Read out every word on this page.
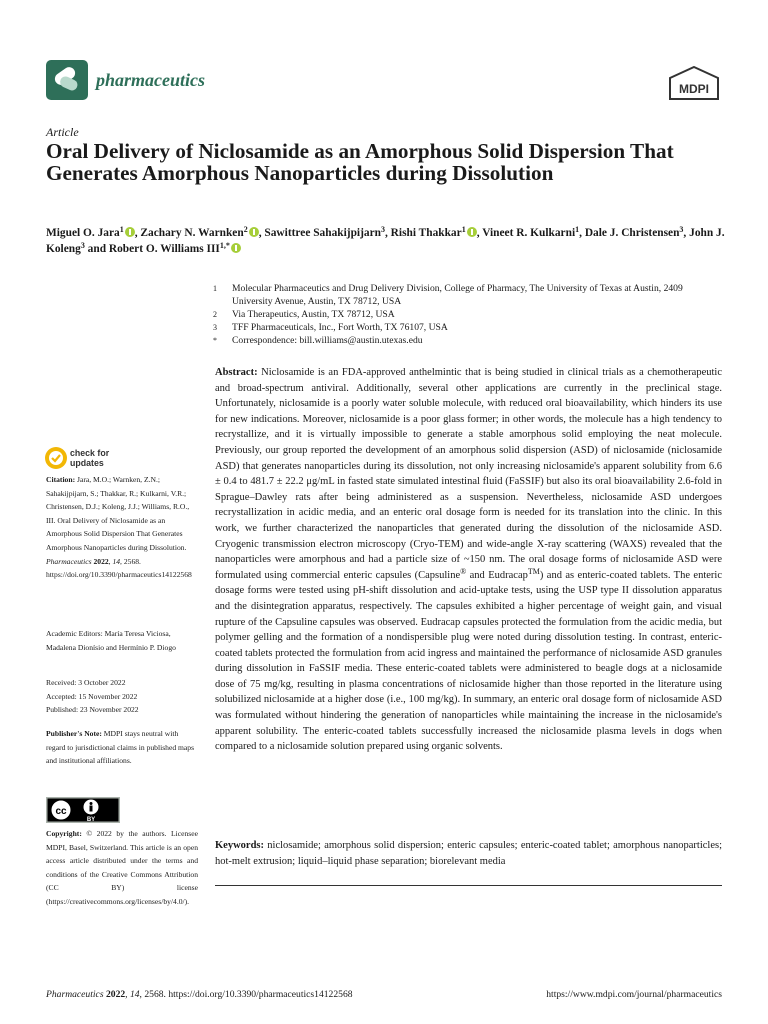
pharmaceutics	MDPI
Article
Oral Delivery of Niclosamide as an Amorphous Solid Dispersion That Generates Amorphous Nanoparticles during Dissolution
Miguel O. Jara$^1$ , Zachary N. Warnken$^2$ , Sawittree Sahakijpijarn$^3$, Rishi Thakkar$^1$ , Vineet R. Kulkarni$^1$, Dale J. Christensen$^3$, John J. Koleng$^3$ and Robert O. Williams $III^{1,*}$
1 Molecular Pharmaceutics and Drug Delivery Division, College of Pharmacy, The University of Texas at Austin, 2409 University Avenue, Austin, TX 78712, USA
2 Via Therapeutics, Austin, TX 78712, USA
3 TFF Pharmaceuticals, Inc., Fort Worth, TX 76107, USA
* Correspondence: bill.williams@austin.utexas.edu
Abstract: Niclosamide is an FDA-approved anthelmintic that is being studied in clinical trials as a chemotherapeutic and broad-spectrum antiviral. Additionally, several other applications are currently in the preclinical stage. Unfortunately, niclosamide is a poorly water soluble molecule, with reduced oral bioavailability, which hinders its use for new indications. Moreover, niclosamide is a poor glass former; in other words, the molecule has a high tendency to recrystallize, and it is virtually impossible to generate a stable amorphous solid employing the neat molecule. Previously, our group reported the development of an amorphous solid dispersion (ASD) of niclosamide (niclosamide ASD) that generates nanoparticles during its dissolution, not only increasing niclosamide's apparent solubility from 6.6 ± 0.4 to 481.7 ± 22.2 μg/mL in fasted state simulated intestinal fluid (FaSSIF) but also its oral bioavailability 2.6-fold in Sprague–Dawley rats after being administered as a suspension. Nevertheless, niclosamide ASD undergoes recrystallization in acidic media, and an enteric oral dosage form is needed for its translation into the clinic. In this work, we further characterized the nanoparticles that generated during the dissolution of the niclosamide ASD. Cryogenic transmission electron microscopy (Cryo-TEM) and wide-angle X-ray scattering (WAXS) revealed that the nanoparticles were amorphous and had a particle size of ~150 nm. The oral dosage forms of niclosamide ASD were formulated using commercial enteric capsules (Capsuline® and Eudracap™) and as enteric-coated tablets. The enteric dosage forms were tested using pH-shift dissolution and acid-uptake tests, using the USP type II dissolution apparatus and the disintegration apparatus, respectively. The capsules exhibited a higher percentage of weight gain, and visual rupture of the Capsuline capsules was observed. Eudracap capsules protected the formulation from the acidic media, but polymer gelling and the formation of a nondispersible plug were noted during dissolution testing. In contrast, enteric-coated tablets protected the formulation from acid ingress and maintained the performance of niclosamide ASD granules during dissolution in FaSSIF media. These enteric-coated tablets were administered to beagle dogs at a niclosamide dose of 75 mg/kg, resulting in plasma concentrations of niclosamide higher than those reported in the literature using solubilized niclosamide at a higher dose (i.e., 100 mg/kg). In summary, an enteric oral dosage form of niclosamide ASD was formulated without hindering the generation of nanoparticles while maintaining the increase in the niclosamide's apparent solubility. The enteric-coated tablets successfully increased the niclosamide plasma levels in dogs when compared to a niclosamide solution prepared using organic solvents.
Keywords: niclosamide; amorphous solid dispersion; enteric capsules; enteric-coated tablet; amorphous nanoparticles; hot-melt extrusion; liquid–liquid phase separation; biorelevant media
check for
updates
Citation: Jara, M.O.; Warnken, Z.N.; Sahakijpijarn, S.; Thakkar, R.; Kulkarni, V.R.; Christensen, D.J.; Koleng, J.J.; Williams, R.O., III. Oral Delivery of Niclosamide as an Amorphous Solid Dispersion That Generates Amorphous Nanoparticles during Dissolution. Pharmaceutics 2022, 14, 2568. https://doi.org/10.3390/pharmaceutics14122568
Academic Editors: María Teresa Viciosa, Madalena Dionísio and Hermínio P. Diogo
Received: 3 October 2022
Accepted: 15 November 2022
Published: 23 November 2022
Publisher's Note: MDPI stays neutral with regard to jurisdictional claims in published maps and institutional affiliations.
cc
BY
Copyright: © 2022 by the authors. Licensee MDPI, Basel, Switzerland. This article is an open access article distributed under the terms and conditions of the Creative Commons Attribution (CC BY) license (https://creativecommons.org/licenses/by/4.0/).
Pharmaceutics 2022, 14, 2568. https://doi.org/10.3390/pharmaceutics14122568	https://www.mdpi.com/journal/pharmaceutics
